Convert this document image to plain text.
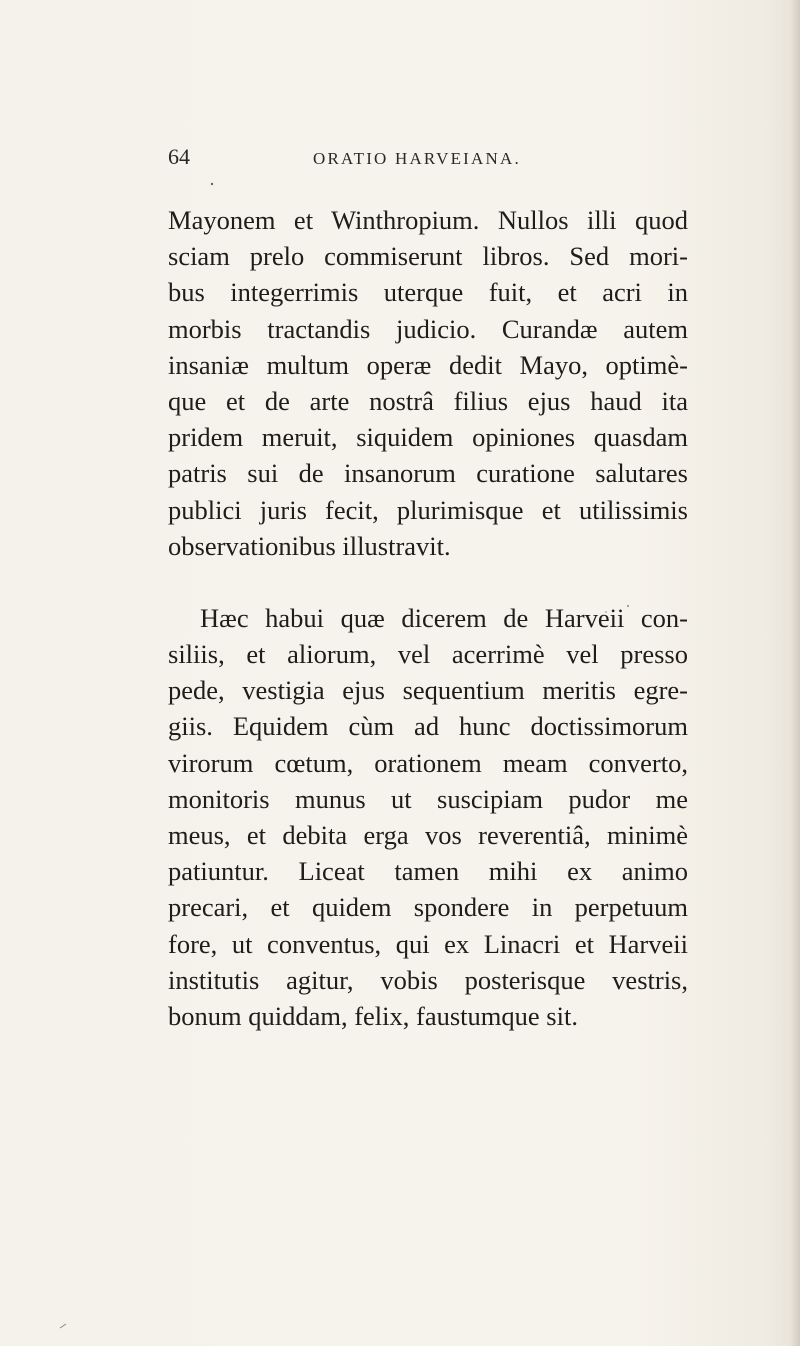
64	ORATIO HARVEIANA.
Mayonem et Winthropium. Nullos illi quod
sciam prelo commiserunt libros. Sed mori-
bus integerrimis uterque fuit, et acri in
morbis tractandis judicio. Curandæ autem
insaniæ multum operæ dedit Mayo, optimè-
que et de arte nostrâ filius ejus haud ita
pridem meruit, siquidem opiniones quasdam
patris sui de insanorum curatione salutares
publici juris fecit, plurimisque et utilissimis
observationibus illustravit.
Hæc habui quæ dicerem de Harveii con-
siliis, et aliorum, vel acerrimè vel presso
pede, vestigia ejus sequentium meritis egre-
giis. Equidem cùm ad hunc doctissimorum
virorum cœtum, orationem meam converto,
monitoris munus ut suscipiam pudor me
meus, et debita erga vos reverentiâ, minimè
patiuntur. Liceat tamen mihi ex animo
precari, et quidem spondere in perpetuum
fore, ut conventus, qui ex Linacri et Harveii
institutis agitur, vobis posterisque vestris,
bonum quiddam, felix, faustumque sit.
